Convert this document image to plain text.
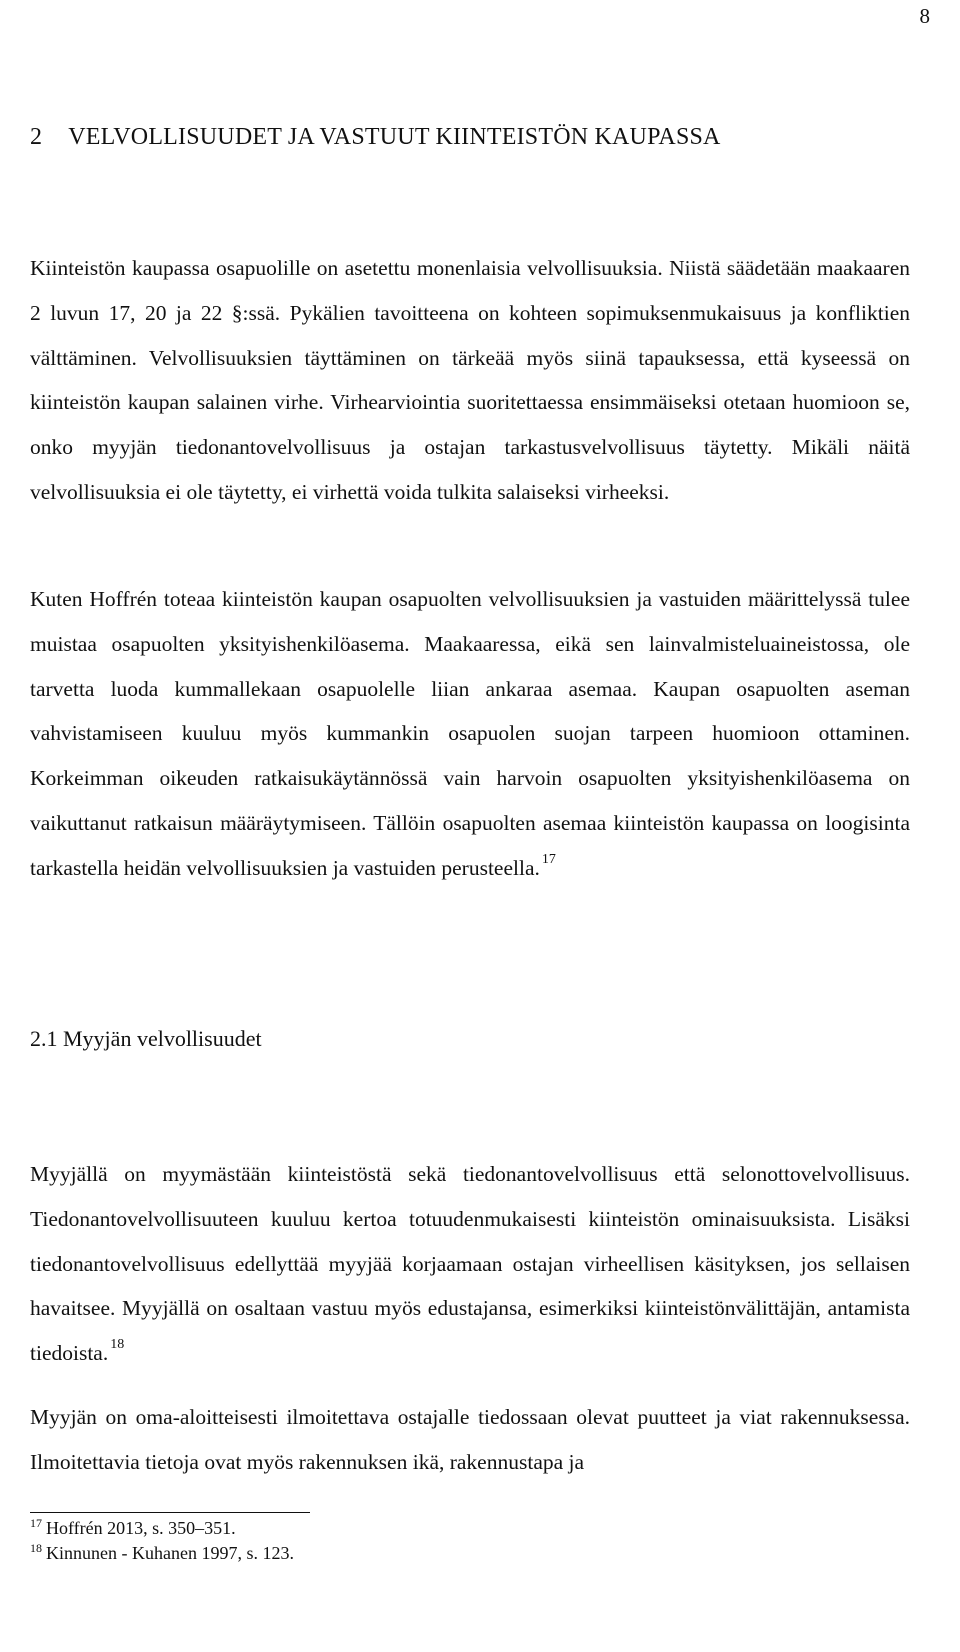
8
2 VELVOLLISUUDET JA VASTUUT KIINTEISTÖN KAUPASSA

Kiinteistön kaupassa osapuolille on asetettu monenlaisia velvollisuuksia. Niistä säädetään maakaaren 2 luvun 17, 20 ja 22 §:ssä. Pykälien tavoitteena on kohteen sopimuksenmukaisuus ja konfliktien välttäminen. Velvollisuuksien täyttäminen on tärkeää myös siinä tapauksessa, että kyseessä on kiinteistön kaupan salainen virhe. Virhearviointia suoritettaessa ensimmäiseksi otetaan huomioon se, onko myyjän tiedonantovelvollisuus ja ostajan tarkastusvelvollisuus täytetty. Mikäli näitä velvollisuuksia ei ole täytetty, ei virhettä voida tulkita salaiseksi virheeksi.

Kuten Hoffrén toteaa kiinteistön kaupan osapuolten velvollisuuksien ja vastuiden määrittelyssä tulee muistaa osapuolten yksityishenkilöasema. Maakaaressa, eikä sen lainvalmisteluaineistossa, ole tarvetta luoda kummallekaan osapuolelle liian ankaraa asemaa. Kaupan osapuolten aseman vahvistamiseen kuuluu myös kummankin osapuolen suojan tarpeen huomioon ottaminen. Korkeimman oikeuden ratkaisukäytännössä vain harvoin osapuolten yksityishenkilöasema on vaikuttanut ratkaisun määräytymiseen. Tällöin osapuolten asemaa kiinteistön kaupassa on loogisinta tarkastella heidän velvollisuuksien ja vastuiden perusteella. $^{17}$

2.1 Myyjän velvollisuudet

Myyjällä on myymästään kiinteistöstä sekä tiedonantovelvollisuus että selonottovelvollisuus. Tiedonantovelvollisuuteen kuuluu kertoa totuudenmukaisesti kiinteistön ominaisuuksista. Lisäksi tiedonantovelvollisuus edellyttää myyjää korjaamaan ostajan virheellisen käsityksen, jos sellaisen havaitsee. Myyjällä on osaltaan vastuu myös edustajansa, esimerkiksi kiinteistönvälittäjän, antamista tiedoista. $^{18}$

Myyjän on oma-aloitteisesti ilmoitettava ostajalle tiedossaan olevat puutteet ja viat rakennuksessa. Ilmoitettavia tietoja ovat myös rakennuksen ikä, rakennustapa ja

$^{17}$ Hoffrén 2013, s. 350–351.
$^{18}$ Kinnunen - Kuhanen 1997, s. 123.
